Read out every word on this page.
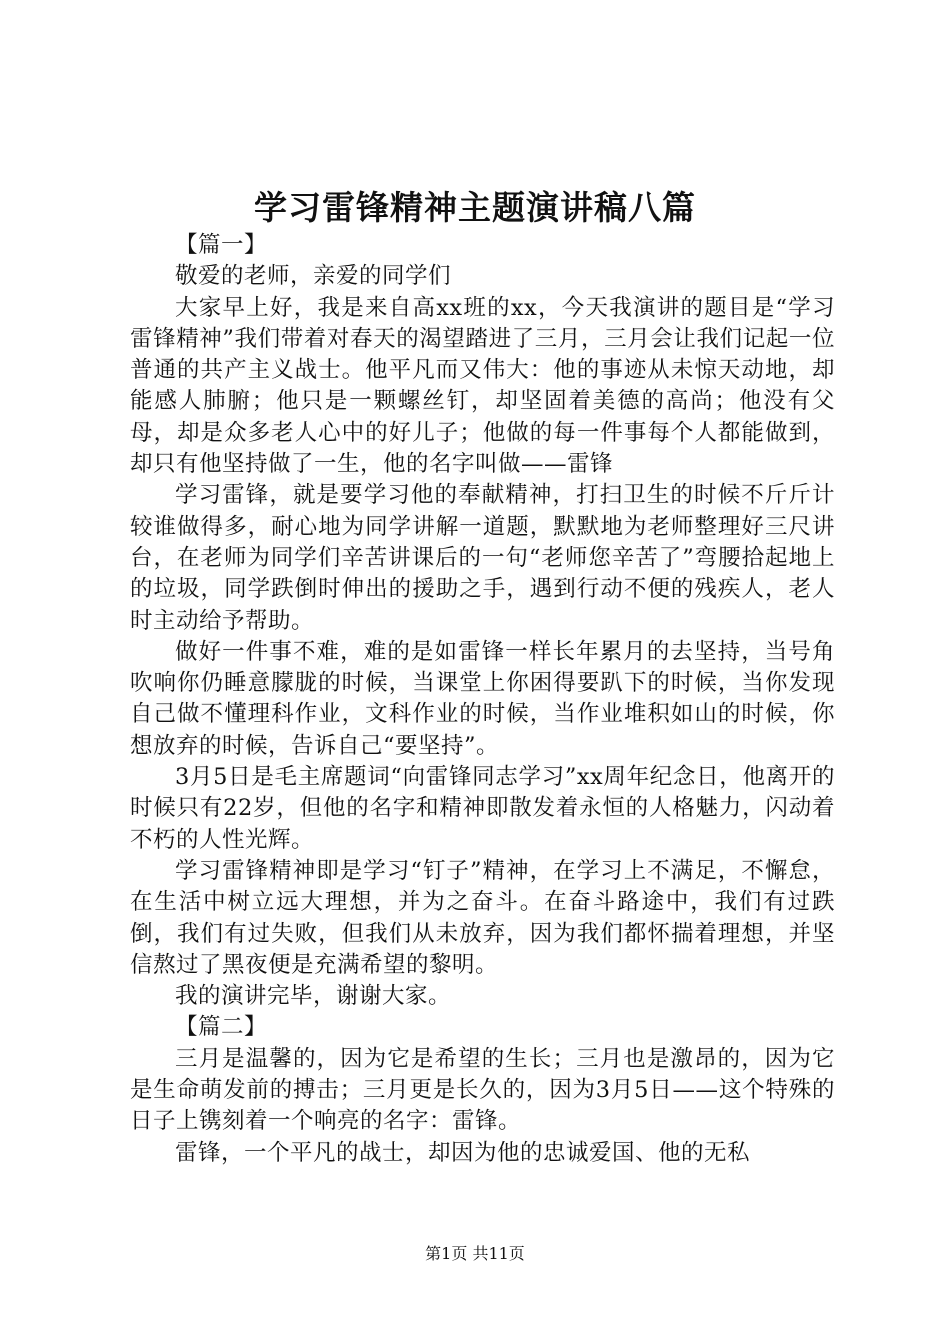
学习雷锋精神主题演讲稿八篇

【篇一】

敬爱的老师，亲爱的同学们

大家早上好，我是来自高xx班的xx，今天我演讲的题目是“学习雷锋精神”我们带着对春天的渴望踏进了三月，三月会让我们记起一位普通的共产主义战士。他平凡而又伟大：他的事迹从未惊天动地，却能感人肺腑；他只是一颗螺丝钉，却坚固着美德的高尚；他没有父母，却是众多老人心中的好儿子；他做的每一件事每个人都能做到，却只有他坚持做了一生，他的名字叫做——雷锋

学习雷锋，就是要学习他的奉献精神，打扫卫生的时候不斤斤计较谁做得多，耐心地为同学讲解一道题，默默地为老师整理好三尺讲台，在老师为同学们辛苦讲课后的一句“老师您辛苦了”弯腰拾起地上的垃圾，同学跌倒时伸出的援助之手，遇到行动不便的残疾人，老人时主动给予帮助。

做好一件事不难，难的是如雷锋一样长年累月的去坚持，当号角吹响你仍睡意朦胧的时候，当课堂上你困得要趴下的时候，当你发现自己做不懂理科作业，文科作业的时候，当作业堆积如山的时候，你想放弃的时候，告诉自己“要坚持”。

3月5日是毛主席题词“向雷锋同志学习”xx周年纪念日，他离开的时候只有22岁，但他的名字和精神即散发着永恒的人格魅力，闪动着不朽的人性光辉。

学习雷锋精神即是学习“钉子”精神，在学习上不满足，不懈怠，在生活中树立远大理想，并为之奋斗。在奋斗路途中，我们有过跌倒，我们有过失败，但我们从未放弃，因为我们都怀揣着理想，并坚信熬过了黑夜便是充满希望的黎明。

我的演讲完毕，谢谢大家。

【篇二】

三月是温馨的，因为它是希望的生长；三月也是激昂的，因为它是生命萌发前的搏击；三月更是长久的，因为3月5日——这个特殊的日子上镌刻着一个响亮的名字：雷锋。

雷锋，一个平凡的战士，却因为他的忠诚爱国、他的无私

第1页 共11页
